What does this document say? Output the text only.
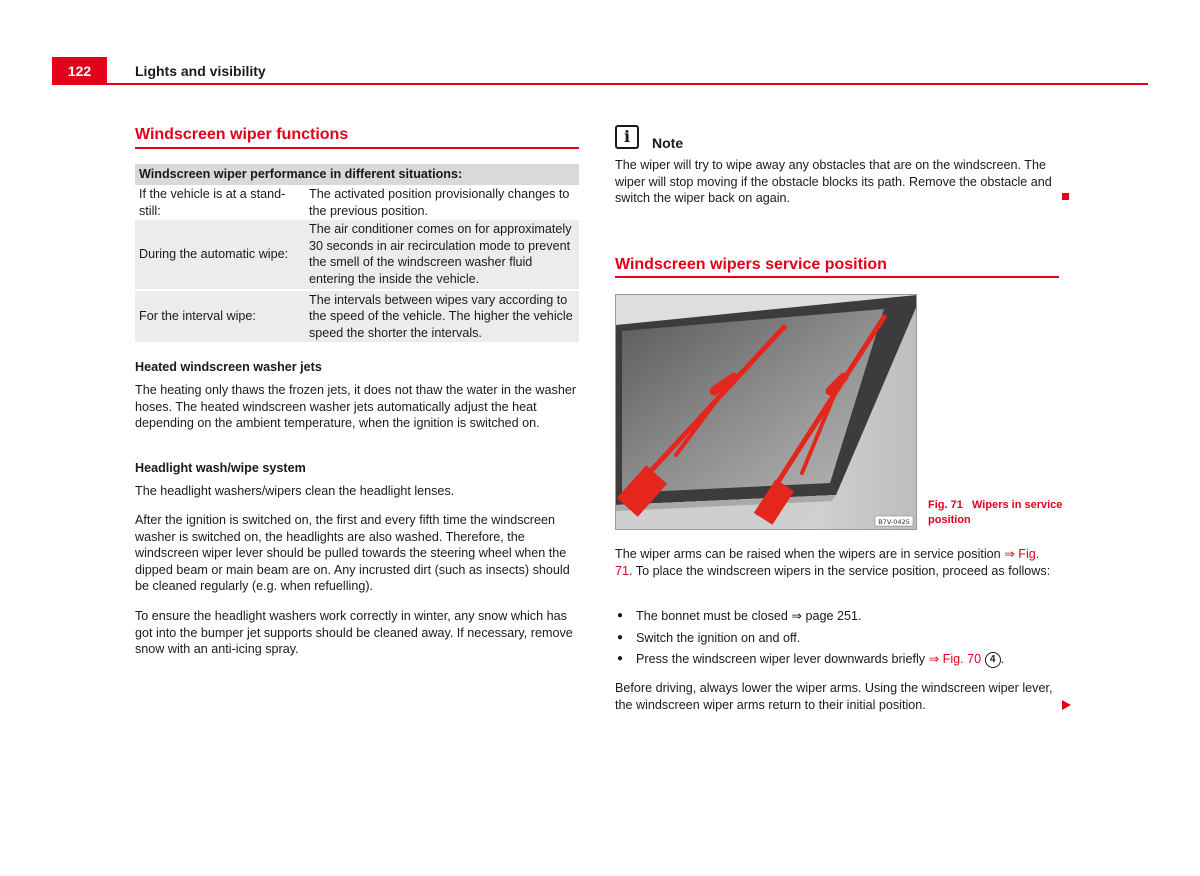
122	Lights and visibility
Windscreen wiper functions
Windscreen wiper performance in different situations:	
If the vehicle is at a stand-still:	The activated position provisionally changes to the previous position.
During the automatic wipe:	The air conditioner comes on for approximately 30 seconds in air recirculation mode to prevent the smell of the windscreen washer fluid entering the inside the vehicle.
For the interval wipe:	The intervals between wipes vary according to the speed of the vehicle. The higher the vehicle speed the shorter the intervals.
Heated windscreen washer jets
The heating only thaws the frozen jets, it does not thaw the water in the washer hoses. The heated windscreen washer jets automatically adjust the heat depending on the ambient temperature, when the ignition is switched on.
Headlight wash/wipe system
The headlight washers/wipers clean the headlight lenses.
After the ignition is switched on, the first and every fifth time the windscreen washer is switched on, the headlights are also washed. Therefore, the windscreen wiper lever should be pulled towards the steering wheel when the dipped beam or main beam are on. Any incrusted dirt (such as insects) should be cleaned regularly (e.g. when refuelling).
To ensure the headlight washers work correctly in winter, any snow which has got into the bumper jet supports should be cleaned away. If necessary, remove snow with an anti-icing spray.
i	Note
The wiper will try to wipe away any obstacles that are on the windscreen. The wiper will stop moving if the obstacle blocks its path. Remove the obstacle and switch the wiper back on again.
Windscreen wipers service position
B7V-0425
Fig. 71 Wipers in service position
The wiper arms can be raised when the wipers are in service position ⇒ Fig. 71. To place the windscreen wipers in the service position, proceed as follows:
● The bonnet must be closed ⇒ page 251.
● Switch the ignition on and off.
● Press the windscreen wiper lever downwards briefly ⇒ Fig. 70 4 .
Before driving, always lower the wiper arms. Using the windscreen wiper lever, the windscreen wiper arms return to their initial position.
